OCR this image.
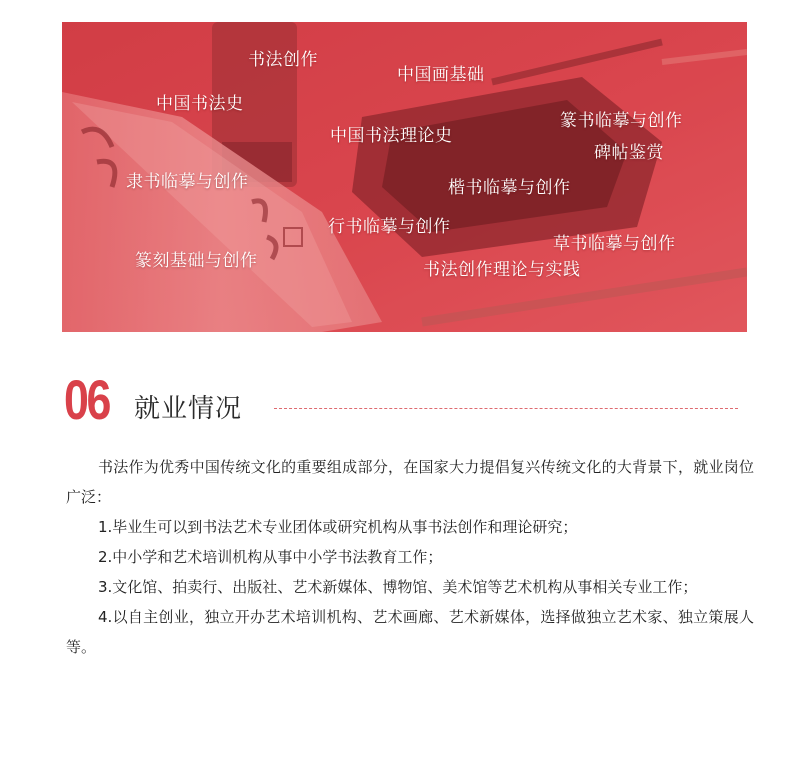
书法创作
中国画基础
中国书法史
篆书临摹与创作
中国书法理论史
碑帖鉴赏
隶书临摹与创作	楷书临摹与创作
行书临摹与创作
草书临摹与创作
篆刻基础与创作	书法创作理论与实践
06 就业情况

书法作为优秀中国传统文化的重要组成部分，在国家大力提倡复兴传统文化的大背景下，就业岗位广泛：

1.毕业生可以到书法艺术专业团体或研究机构从事书法创作和理论研究；

2.中小学和艺术培训机构从事中小学书法教育工作；

3.文化馆、拍卖行、出版社、艺术新媒体、博物馆、美术馆等艺术机构从事相关专业工作；

4.以自主创业，独立开办艺术培训机构、艺术画廊、艺术新媒体，选择做独立艺术家、独立策展人等。
